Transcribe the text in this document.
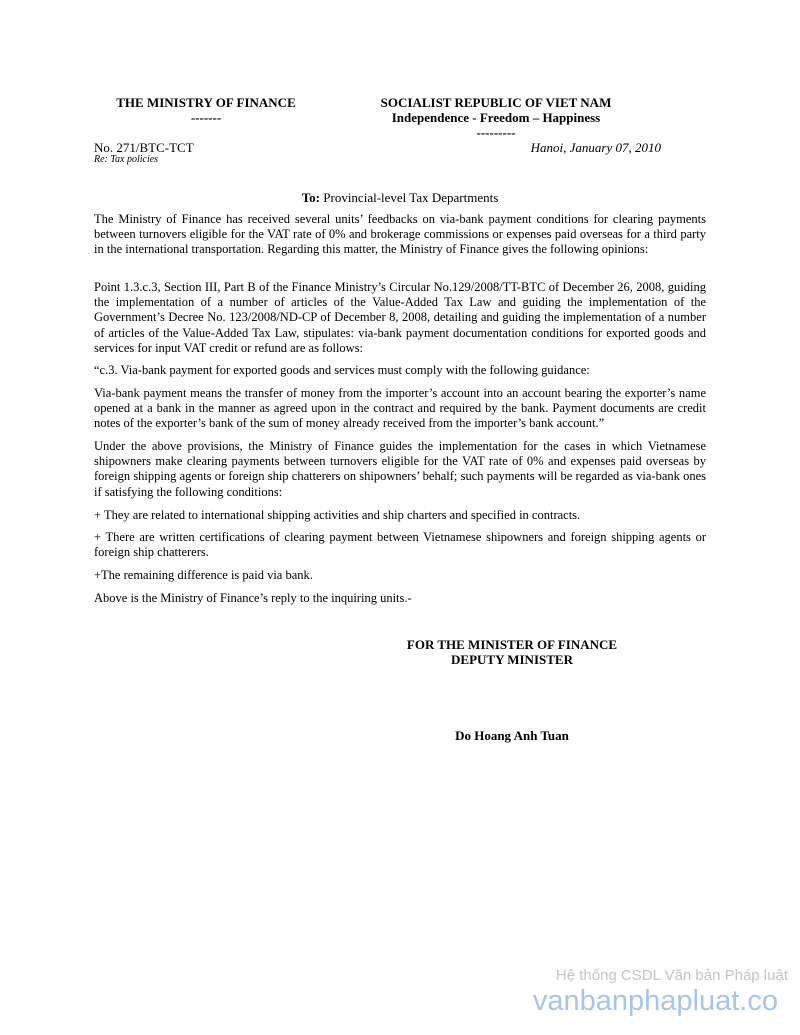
THE MINISTRY OF FINANCE
-------
SOCIALIST REPUBLIC OF VIET NAM
Independence - Freedom – Happiness
---------
No. 271/BTC-TCT	Hanoi, January 07, 2010
Re: Tax policies
To: Provincial-level Tax Departments

The Ministry of Finance has received several units’ feedbacks on via-bank payment conditions for clearing payments between turnovers eligible for the VAT rate of 0% and brokerage commissions or expenses paid overseas for a third party in the international transportation. Regarding this matter, the Ministry of Finance gives the following opinions:

Point 1.3.c.3, Section III, Part B of the Finance Ministry’s Circular No.129/2008/TT-BTC of December 26, 2008, guiding the implementation of a number of articles of the Value-Added Tax Law and guiding the implementation of the Government’s Decree No. 123/2008/ND-CP of December 8, 2008, detailing and guiding the implementation of a number of articles of the Value-Added Tax Law, stipulates: via-bank payment documentation conditions for exported goods and services for input VAT credit or refund are as follows:

“c.3. Via-bank payment for exported goods and services must comply with the following guidance:

Via-bank payment means the transfer of money from the importer’s account into an account bearing the exporter’s name opened at a bank in the manner as agreed upon in the contract and required by the bank. Payment documents are credit notes of the exporter’s bank of the sum of money already received from the importer’s bank account.”

Under the above provisions, the Ministry of Finance guides the implementation for the cases in which Vietnamese shipowners make clearing payments between turnovers eligible for the VAT rate of 0% and expenses paid overseas by foreign shipping agents or foreign ship chatterers on shipowners’ behalf; such payments will be regarded as via-bank ones if satisfying the following conditions:

+ They are related to international shipping activities and ship charters and specified in contracts.

+ There are written certifications of clearing payment between Vietnamese shipowners and foreign shipping agents or foreign ship chatterers.

+The remaining difference is paid via bank.

Above is the Ministry of Finance’s reply to the inquiring units.-

FOR THE MINISTER OF FINANCE
DEPUTY MINISTER
Do Hoang Anh Tuan
Hệ thống CSDL Văn bản Pháp luật
vanbanphapluat.co
